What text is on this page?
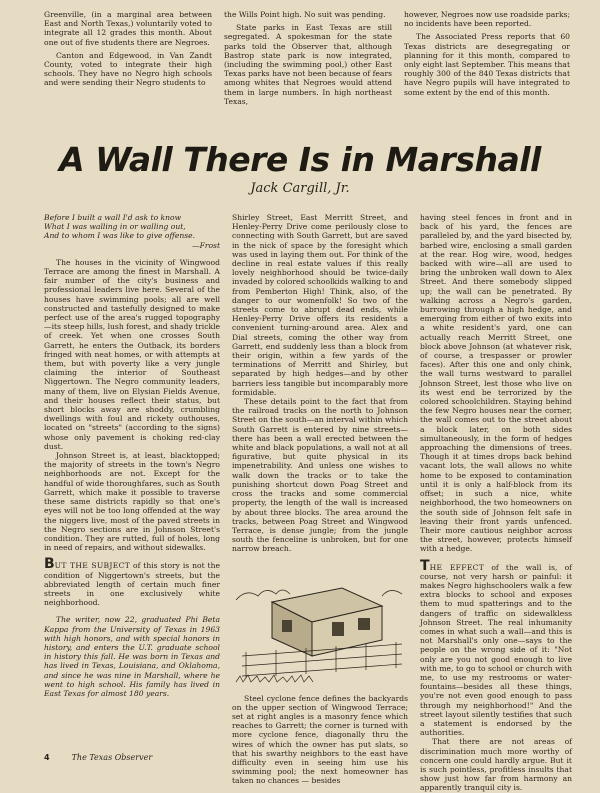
Greenville, (in a marginal area between East and North Texas,) voluntarily voted to integrate all 12 grades this month. About one out of five students there are Negroes.

Canton and Edgewood, in Van Zandt County, voted to integrate their high schools. They have no Negro high schools and were sending their Negro students to

the Wills Point high. No suit was pending.

State parks in East Texas are still segregated. A spokesman for the state parks told the Observer that, although Bastrop state park is now integrated, (including the swimming pool,) other East Texas parks have not been because of fears among whites that Negroes would attend them in large numbers. In high northeast Texas,

however, Negroes now use roadside parks; no incidents have been reported.

The Associated Press reports that 60 Texas districts are desegregating or planning for it this month, compared to only eight last September. This means that roughly 300 of the 840 Texas districts that have Negro pupils will have integrated to some extent by the end of this month.

A Wall There Is in Marshall
Jack Cargill, Jr.
Before I built a wall I'd ask to know
What I was walling in or walling out,
And to whom I was like to give offense.
—Frost

The houses in the vicinity of Wingwood Terrace are among the finest in Marshall. A fair number of the city's business and professional leaders live here. Several of the houses have swimming pools; all are well constructed and tastefully designed to make perfect use of the area's rugged topography—its steep hills, lush forest, and shady trickle of creek. Yet when one crosses South Garrett, he enters the Outback, its borders fringed with neat homes, or with attempts at them, but with poverty like a very jungle claiming the interior of Southeast Niggertown. The Negro community leaders, many of them, live on Elysian Fields Avenue, and their houses reflect their status, but short blocks away are shoddy, crumbling dwellings with foul and rickety outhouses, located on "streets" (according to the signs) whose only pavement is choking red-clay dust.

Johnson Street is, at least, blacktopped; the majority of streets in the town's Negro neighborhoods are not. Except for the handful of wide thoroughfares, such as South Garrett, which make it possible to traverse these same districts rapidly so that one's eyes will not be too long offended at the way the niggers live, most of the paved streets in the Negro sections are in Johnson Street's condition. They are rutted, full of holes, long in need of repairs, and without sidewalks.

BUT THE SUBJECT of this story is not the condition of Niggertown's streets, but the abbreviated length of certain much finer streets in one exclusively white neighborhood.

The writer, now 22, graduated Phi Beta Kappa from the University of Texas in 1963 with high honors, and with special honors in history, and enters the U.T. graduate school in history this fall. He was born in Texas and has lived in Texas, Louisiana, and Oklahoma, and since he was nine in Marshall, where he went to high school. His family has lived in East Texas for almost 180 years.

Shirley Street, East Merritt Street, and Henley-Perry Drive come perilously close to connecting with South Garrett, but are saved in the nick of space by the foresight which was used in laying them out. For think of the decline in real estate values if this really lovely neighborhood should be twice-daily invaded by colored schoolkids walking to and from Pemberton High! Think, also, of the danger to our womenfolk! So two of the streets come to abrupt dead ends, while Henley-Perry Drive offers its residents a convenient turning-around area. Alex and Dial streets, coming the other way from Garrett, end suddenly less than a block from their origin, within a few yards of the terminations of Merritt and Shirley, but separated by high hedges—and by other barriers less tangible but incomparably more formidable.

These details point to the fact that from the railroad tracks on the north to Johnson Street on the south—an interval within which South Garrett is entered by nine streets—there has been a wall erected between the white and black populations, a wall not at all figurative, but quite physical in its impenetrability. And unless one wishes to walk down the tracks or to take the punishing shortcut down Poag Street and cross the tracks and some commercial property, the length of the wall is increased by about three blocks. The area around the tracks, between Poag Street and Wingwood Terrace, is dense jungle; from the jungle south the fenceline is unbroken, but for one narrow breach.

Steel cyclone fence defines the backyards on the upper section of Wingwood Terrace; set at right angles is a masonry fence which reaches to Garrett; the corner is turned with more cyclone fence, diagonally thru the wires of which the owner has put slats, so that his swarthy neighbors to the east have difficulty even in seeing him use his swimming pool; the next homeowner has taken no chances — besides

having steel fences in front and in back of his yard, the fences are paralleled by, and the yard bisected by, barbed wire, enclosing a small garden at the rear. Hog wire, wood, hedges backed with wire—all are used to bring the unbroken wall down to Alex Street. And there somebody slipped up; the wall can be penetrated. By walking across a Negro's garden, burrowing through a high hedge, and emerging from either of two exits into a white resident's yard, one can actually reach Merritt Street, one block above Johnson (at whatever risk, of course, a trespasser or prowler faces). After this one and only chink, the wall turns westward to parallel Johnson Street, lest those who live on its west end be terrorized by the colored schoolchildren. Staying behind the few Negro houses near the corner, the wall comes out to the street about a block later, on both sides simultaneously, in the form of hedges approaching the dimensions of trees. Though it at times drops back behind vacant lots, the wall allows no white home to be exposed to contamination until it is only a half-block from its offset; in such a nice, white neighborhood, the two homeowners on the south side of Johnson felt safe in leaving their front yards unfenced. Their more cautious neighbor across the street, however, protects himself with a hedge.

THE EFFECT of the wall is, of course, not very harsh or painful: it makes Negro highschoolers walk a few extra blocks to school and exposes them to mud spatterings and to the dangers of traffic on sidewalkless Johnson Street. The real inhumanity comes in what such a wall—and this is not Marshall's only one—says to the people on the wrong side of it: "Not only are you not good enough to live with me, to go to school or church with me, to use my restrooms or water-fountains—besides all these things, you're not even good enough to pass through my neighborhood!" And the street layout silently testifies that such a statement is endorsed by the authorities.

That there are not areas of discrimination much more worthy of concern one could hardly argue. But it is such pointless, profitless insults that show just how far from harmony an apparently tranquil city is.

4	The Texas Observer
